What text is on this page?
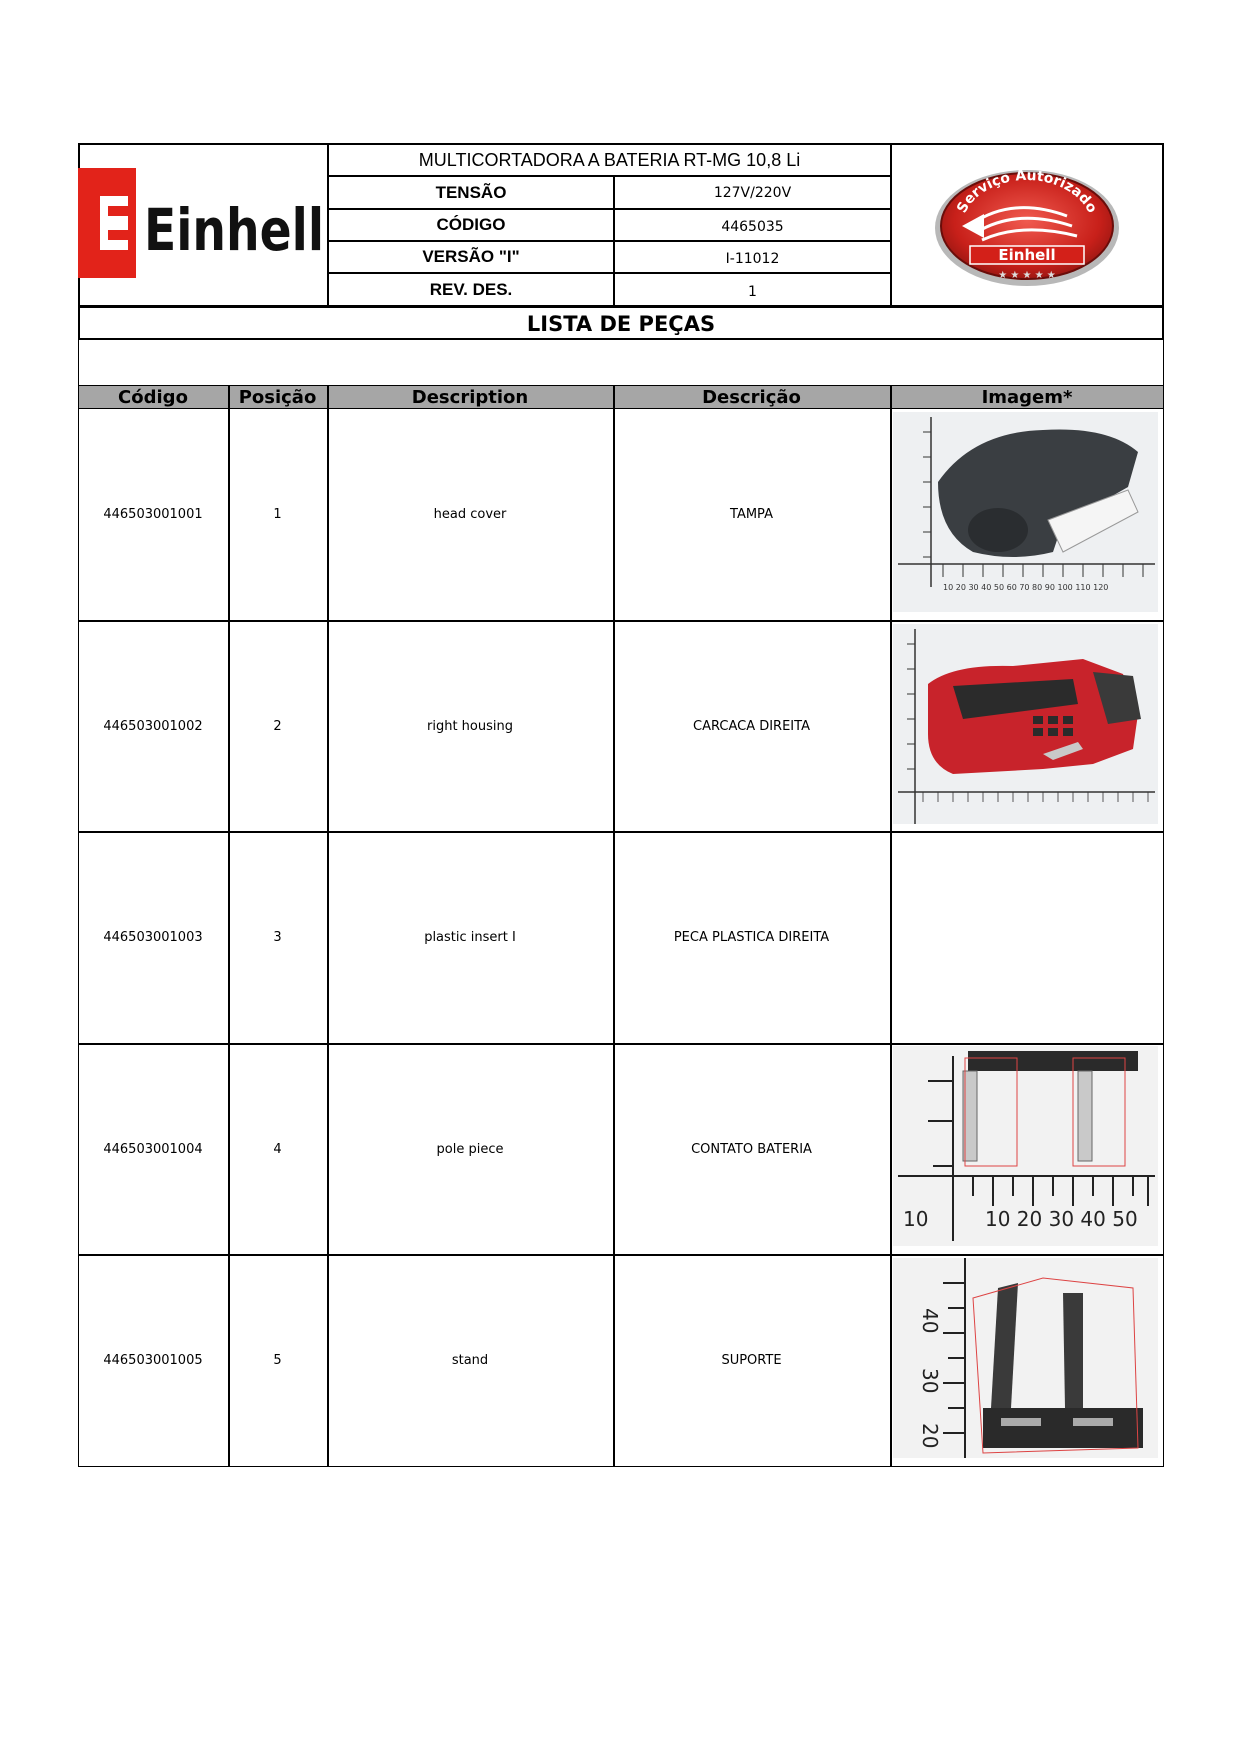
Einhell
MULTICORTADORA A BATERIA RT-MG 10,8 Li
TENSÃO	127V/220V
CÓDIGO	4465035
VERSÃO "I"	I-11012
REV. DES.	1
Serviço Autorizado
Einhell
★ ★ ★ ★ ★
LISTA DE PEÇAS
Código	Posição	Description	Descrição	Imagem*
446503001001	1	head cover	TAMPA
10 20 30 40 50 60 70 80 90 100 110 120
446503001002	2	right housing	CARCACA DIREITA
446503001003	3	plastic insert I	PECA PLASTICA DIREITA
446503001004	4	pole piece	CONTATO BATERIA
10	10 20 30 40 50
446503001005	5	stand	SUPORTE
40
30
20
